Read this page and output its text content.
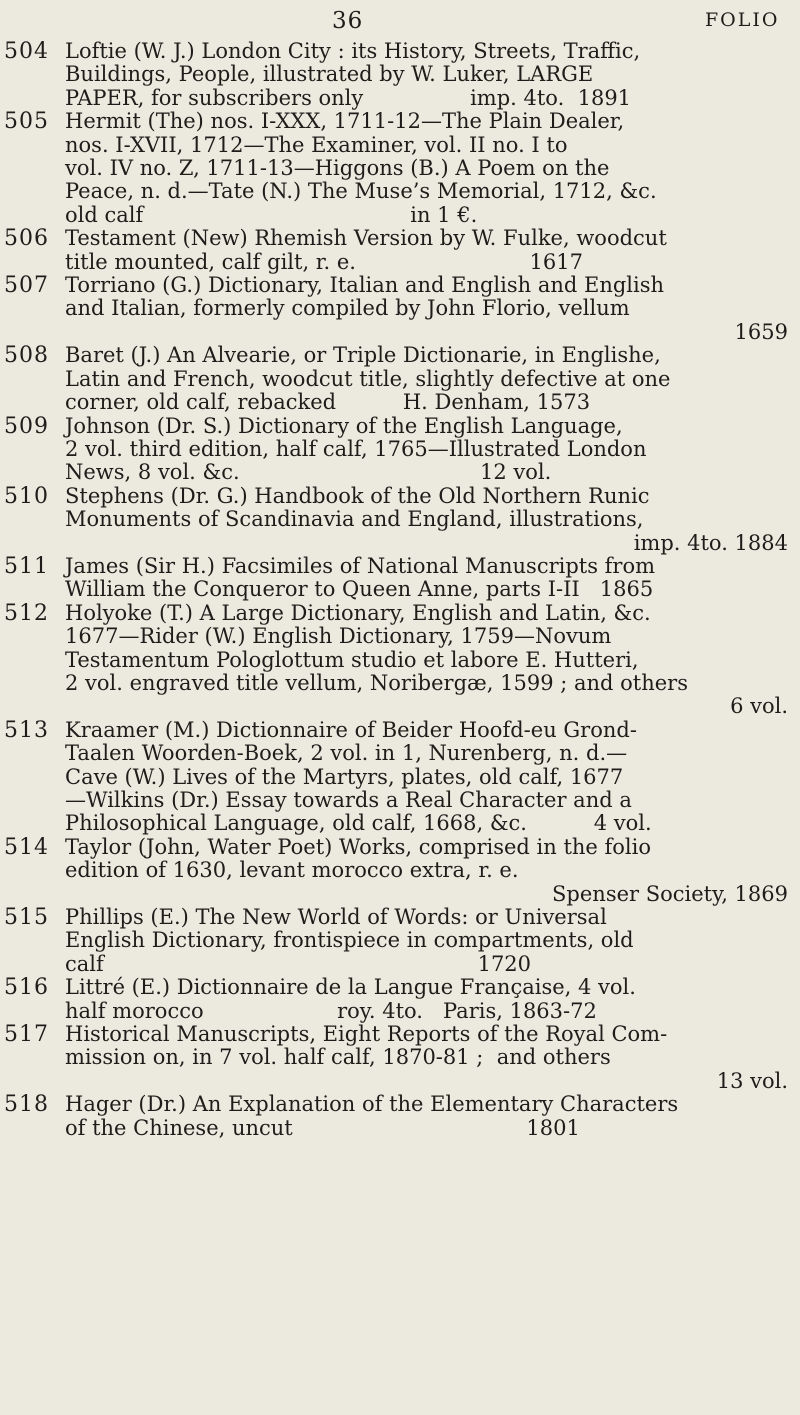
36	FOLIO
504 Loftie (W. J.) London City : its History, Streets, Traffic,
Buildings, People, illustrated by W. Luker, LARGE
PAPER, for subscribers only                imp. 4to.  1891
505 Hermit (The) nos. I-XXX, 1711-12—The Plain Dealer,
nos. I-XVII, 1712—The Examiner, vol. II no. I to
vol. IV no. Z, 1711-13—Higgons (B.) A Poem on the
Peace, n. d.—Tate (N.) The Muse’s Memorial, 1712, &c.
old calf                                        in 1 €.
506 Testament (New) Rhemish Version by W. Fulke, woodcut
title mounted, calf gilt, r. e.                          1617
507 Torriano (G.) Dictionary, Italian and English and English
and Italian, formerly compiled by John Florio, vellum
1659
508 Baret (J.) An Alvearie, or Triple Dictionarie, in Englishe,
Latin and French, woodcut title, slightly defective at one
corner, old calf, rebacked          H. Denham, 1573
509 Johnson (Dr. S.) Dictionary of the English Language,
2 vol. third edition, half calf, 1765—Illustrated London
News, 8 vol. &c.                                    12 vol.
510 Stephens (Dr. G.) Handbook of the Old Northern Runic
Monuments of Scandinavia and England, illustrations,
imp. 4to. 1884
511 James (Sir H.) Facsimiles of National Manuscripts from
William the Conqueror to Queen Anne, parts I-II   1865
512 Holyoke (T.) A Large Dictionary, English and Latin, &c.
1677—Rider (W.) English Dictionary, 1759—Novum
Testamentum Pologlottum studio et labore E. Hutteri,
2 vol. engraved title vellum, Noribergæ, 1599 ; and others
6 vol.
513 Kraamer (M.) Dictionnaire of Beider Hoofd-eu Grond-
Taalen Woorden-Boek, 2 vol. in 1, Nurenberg, n. d.—
Cave (W.) Lives of the Martyrs, plates, old calf, 1677
—Wilkins (Dr.) Essay towards a Real Character and a
Philosophical Language, old calf, 1668, &c.          4 vol.
514 Taylor (John, Water Poet) Works, comprised in the folio
edition of 1630, levant morocco extra, r. e.
Spenser Society, 1869
515 Phillips (E.) The New World of Words: or Universal
English Dictionary, frontispiece in compartments, old
calf                                                        1720
516 Littré (E.) Dictionnaire de la Langue Française, 4 vol.
half morocco                    roy. 4to.   Paris, 1863-72
517 Historical Manuscripts, Eight Reports of the Royal Com-
mission on, in 7 vol. half calf, 1870-81 ;  and others
13 vol.
518 Hager (Dr.) An Explanation of the Elementary Characters
of the Chinese, uncut                                   1801
